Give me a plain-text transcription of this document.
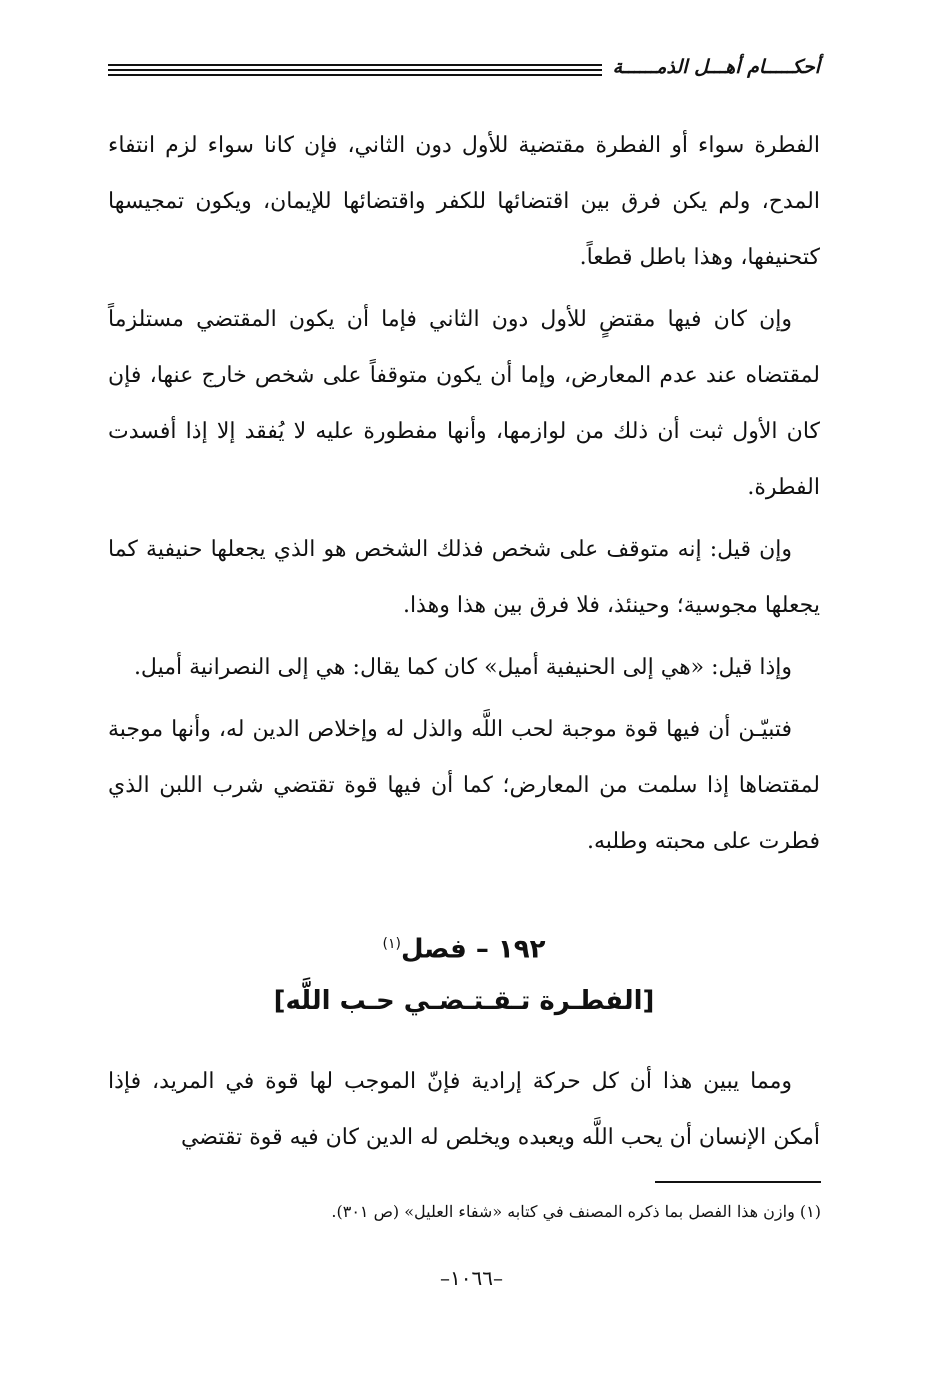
أحكـــــام أهـــل الذمــــــة

الفطرة سواء أو الفطرة مقتضية للأول دون الثاني، فإن كانا سواء لزم انتفاء المدح، ولم يكن فرق بين اقتضائها للكفر واقتضائها للإيمان، ويكون تمجيسها كتحنيفها، وهذا باطل قطعاً.

وإن كان فيها مقتضٍ للأول دون الثاني فإما أن يكون المقتضي مستلزماً لمقتضاه عند عدم المعارض، وإما أن يكون متوقفاً على شخص خارج عنها، فإن كان الأول ثبت أن ذلك من لوازمها، وأنها مفطورة عليه لا يُفقد إلا إذا أفسدت الفطرة.

وإن قيل: إنه متوقف على شخص فذلك الشخص هو الذي يجعلها حنيفية كما يجعلها مجوسية؛ وحينئذ، فلا فرق بين هذا وهذا.

وإذا قيل: «هي إلى الحنيفية أميل» كان كما يقال: هي إلى النصرانية أميل.

فتبيّـن أن فيها قوة موجبة لحب اللَّه والذل له وإخلاص الدين له، وأنها موجبة لمقتضاها إذا سلمت من المعارض؛ كما أن فيها قوة تقتضي شرب اللبن الذي فطرت على محبته وطلبه.

١٩٢ – فصل$^{(١)}$
[الفطـرة تـقـتـضـي حـب اللَّه]

ومما يبين هذا أن كل حركة إرادية فإنّ الموجب لها قوة في المريد، فإذا أمكن الإنسان أن يحب اللَّه ويعبده ويخلص له الدين كان فيه قوة تقتضي

(١) وازن هذا الفصل بما ذكره المصنف في كتابه «شفاء العليل» (ص ٣٠١).
–١٠٦٦–
